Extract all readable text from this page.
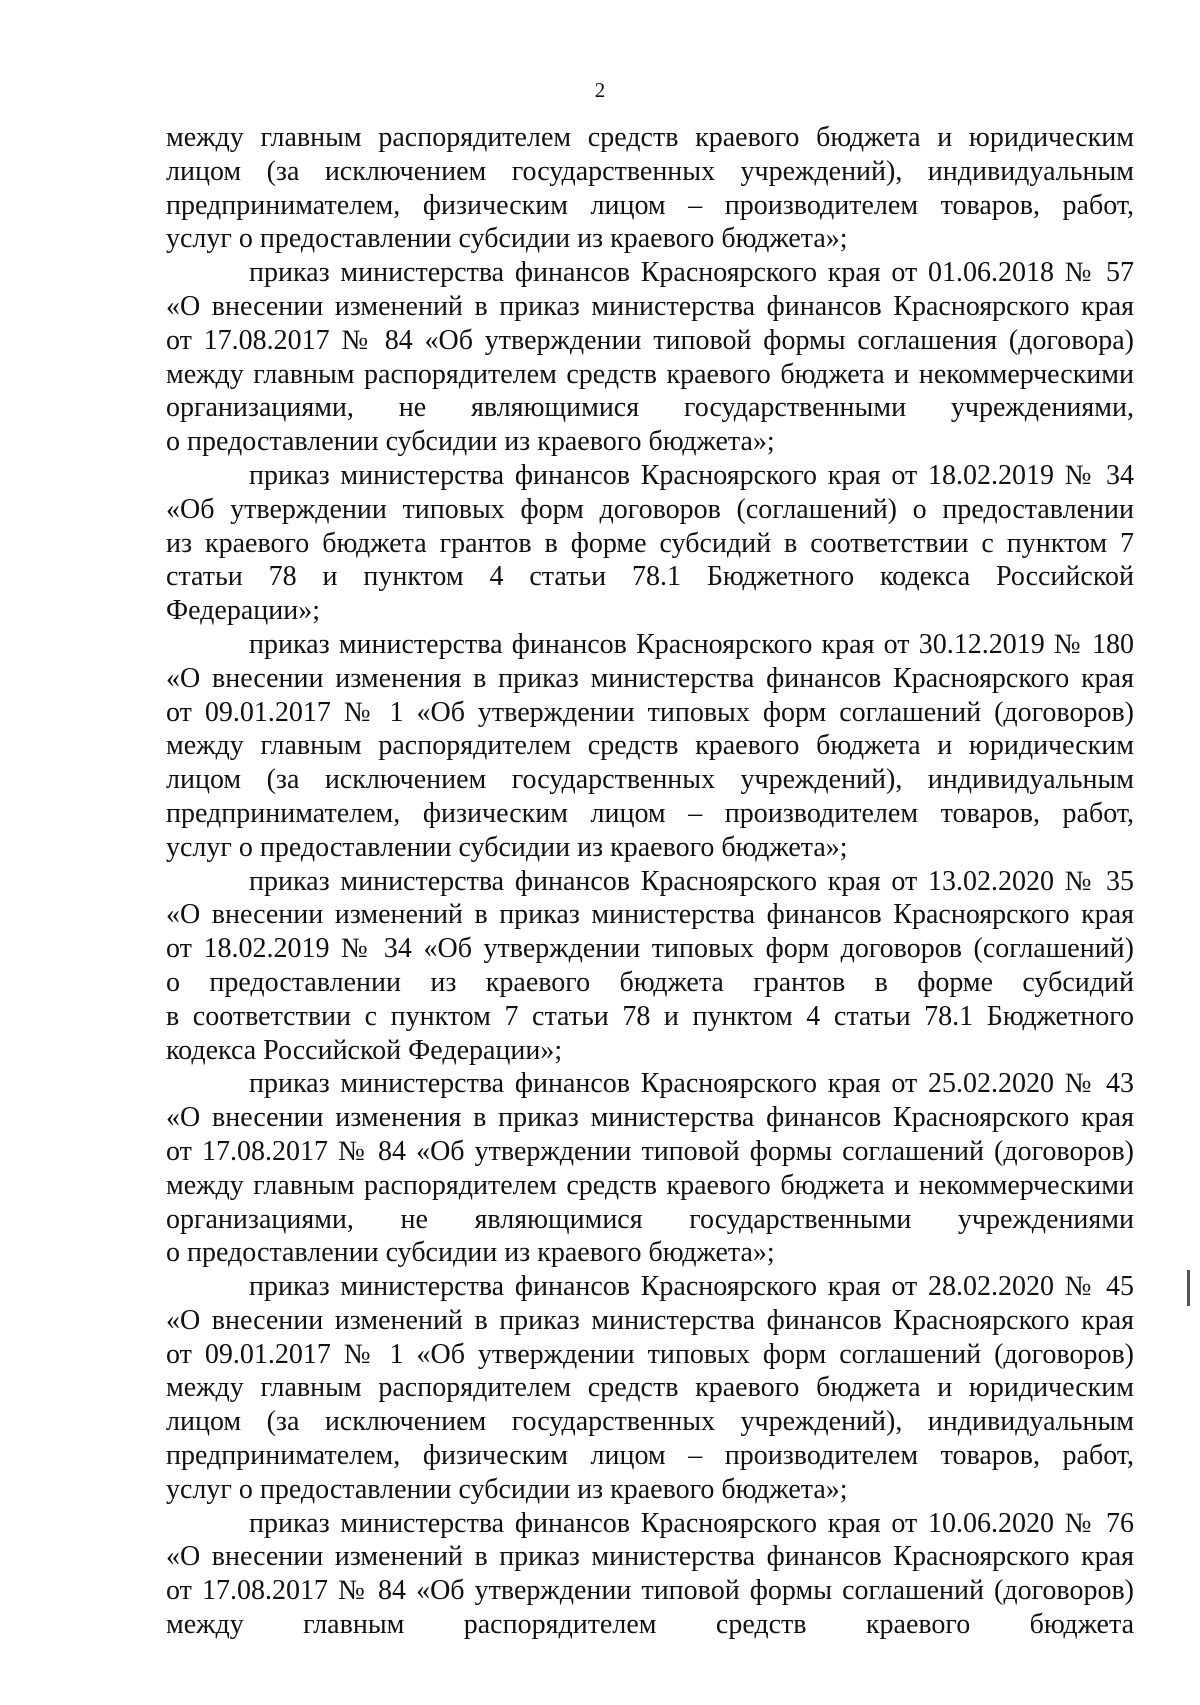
2
между главным распорядителем средств краевого бюджета и юридическим
лицом (за исключением государственных учреждений), индивидуальным
предпринимателем, физическим лицом – производителем товаров, работ,
услуг о предоставлении субсидии из краевого бюджета»;
приказ министерства финансов Красноярского края от 01.06.2018 № 57
«О внесении изменений в приказ министерства финансов Красноярского края
от 17.08.2017 № 84 «Об утверждении типовой формы соглашения (договора)
между главным распорядителем средств краевого бюджета и некоммерческими
организациями, не являющимися государственными учреждениями,
о предоставлении субсидии из краевого бюджета»;
приказ министерства финансов Красноярского края от 18.02.2019 № 34
«Об утверждении типовых форм договоров (соглашений) о предоставлении
из краевого бюджета грантов в форме субсидий в соответствии с пунктом 7
статьи 78 и пунктом 4 статьи 78.1 Бюджетного кодекса Российской
Федерации»;
приказ министерства финансов Красноярского края от 30.12.2019 № 180
«О внесении изменения в приказ министерства финансов Красноярского края
от 09.01.2017 № 1 «Об утверждении типовых форм соглашений (договоров)
между главным распорядителем средств краевого бюджета и юридическим
лицом (за исключением государственных учреждений), индивидуальным
предпринимателем, физическим лицом – производителем товаров, работ,
услуг о предоставлении субсидии из краевого бюджета»;
приказ министерства финансов Красноярского края от 13.02.2020 № 35
«О внесении изменений в приказ министерства финансов Красноярского края
от 18.02.2019 № 34 «Об утверждении типовых форм договоров (соглашений)
о предоставлении из краевого бюджета грантов в форме субсидий
в соответствии с пунктом 7 статьи 78 и пунктом 4 статьи 78.1 Бюджетного
кодекса Российской Федерации»;
приказ министерства финансов Красноярского края от 25.02.2020 № 43
«О внесении изменения в приказ министерства финансов Красноярского края
от 17.08.2017 № 84 «Об утверждении типовой формы соглашений (договоров)
между главным распорядителем средств краевого бюджета и некоммерческими
организациями, не являющимися государственными учреждениями
о предоставлении субсидии из краевого бюджета»;
приказ министерства финансов Красноярского края от 28.02.2020 № 45
«О внесении изменений в приказ министерства финансов Красноярского края
от 09.01.2017 № 1 «Об утверждении типовых форм соглашений (договоров)
между главным распорядителем средств краевого бюджета и юридическим
лицом (за исключением государственных учреждений), индивидуальным
предпринимателем, физическим лицом – производителем товаров, работ,
услуг о предоставлении субсидии из краевого бюджета»;
приказ министерства финансов Красноярского края от 10.06.2020 № 76
«О внесении изменений в приказ министерства финансов Красноярского края
от 17.08.2017 № 84 «Об утверждении типовой формы соглашений (договоров)
между главным распорядителем средств краевого бюджета
